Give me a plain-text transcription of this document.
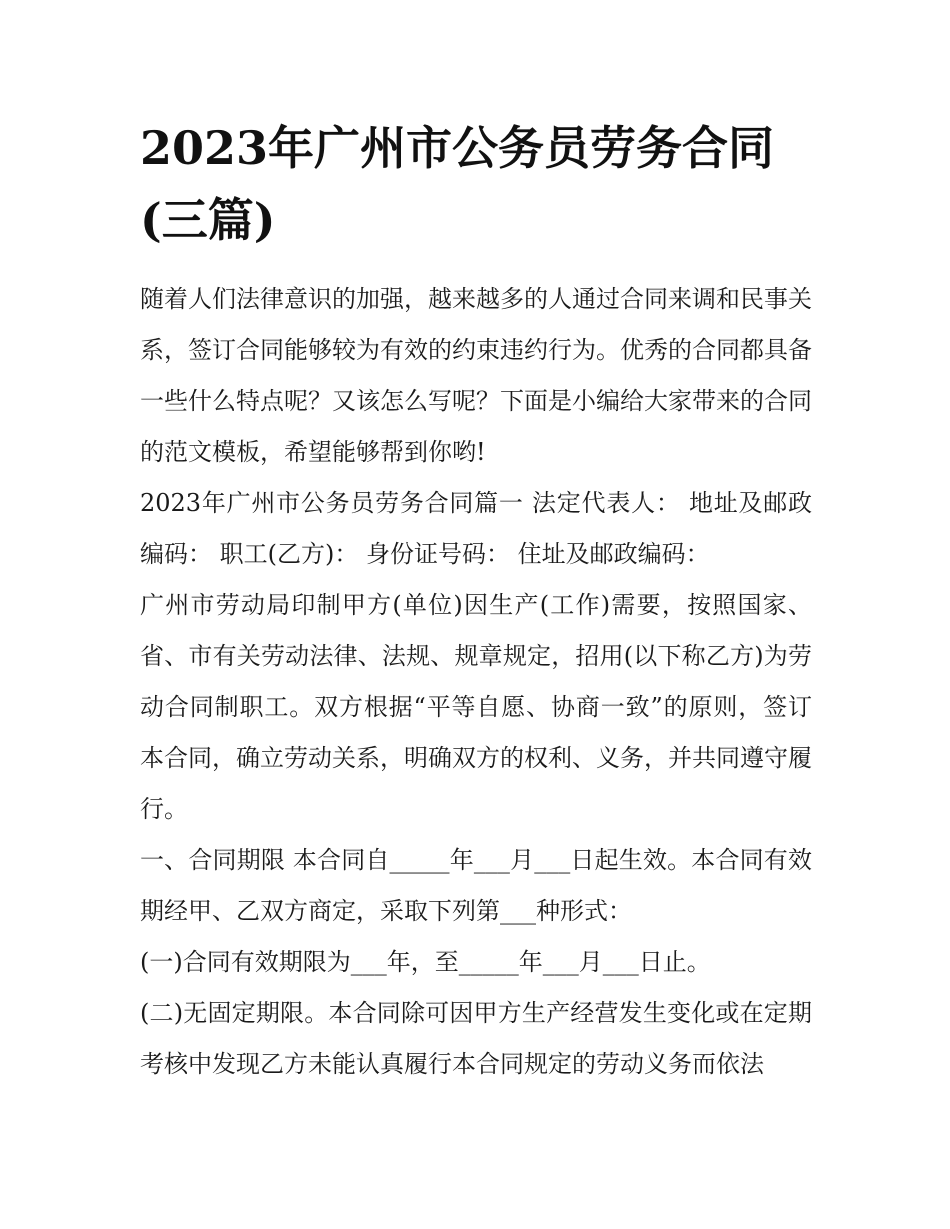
2023年广州市公务员劳务合同(三篇)

随着人们法律意识的加强，越来越多的人通过合同来调和民事关系，签订合同能够较为有效的约束违约行为。优秀的合同都具备一些什么特点呢？又该怎么写呢？下面是小编给大家带来的合同的范文模板，希望能够帮到你哟!

2023年广州市公务员劳务合同篇一 法定代表人： 地址及邮政编码： 职工(乙方)： 身份证号码： 住址及邮政编码：

广州市劳动局印制甲方(单位)因生产(工作)需要，按照国家、省、市有关劳动法律、法规、规章规定，招用(以下称乙方)为劳动合同制职工。双方根据“平等自愿、协商一致”的原则，签订本合同，确立劳动关系，明确双方的权利、义务，并共同遵守履行。

一、合同期限 本合同自_____年___月___日起生效。本合同有效期经甲、乙双方商定，采取下列第___种形式：

(一)合同有效期限为___年，至_____年___月___日止。

(二)无固定期限。本合同除可因甲方生产经营发生变化或在定期考核中发现乙方未能认真履行本合同规定的劳动义务而依法
